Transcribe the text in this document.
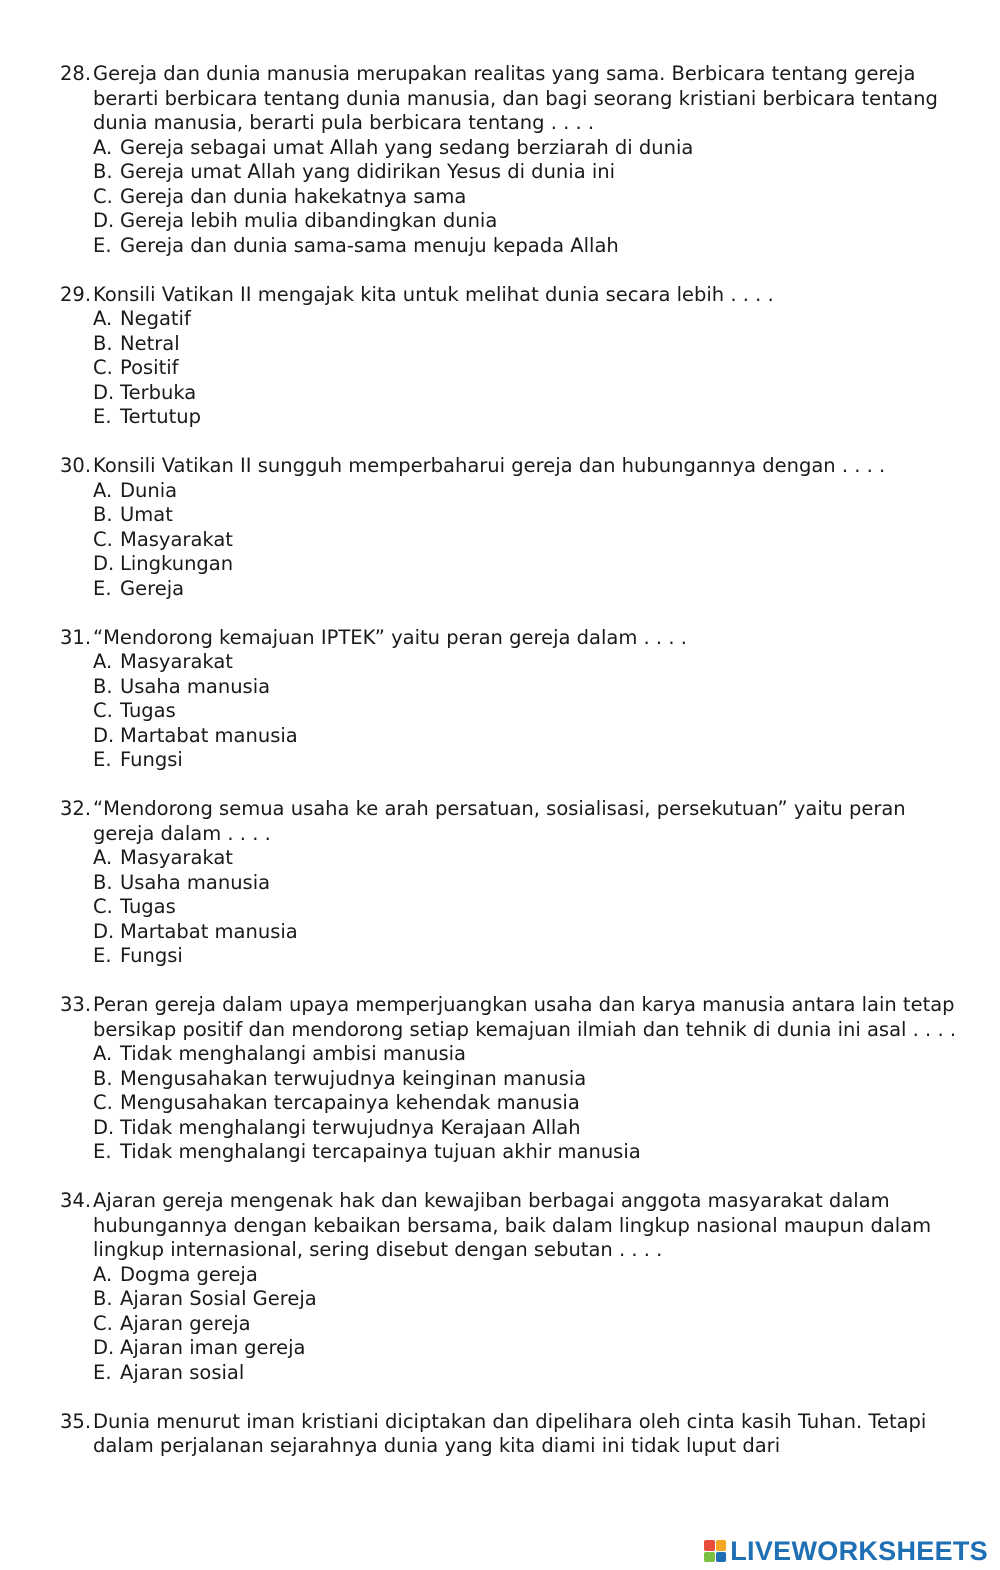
28. Gereja dan dunia manusia merupakan realitas yang sama. Berbicara tentang gereja berarti berbicara tentang dunia manusia, dan bagi seorang kristiani berbicara tentang dunia manusia, berarti pula berbicara tentang . . . .
A. Gereja sebagai umat Allah yang sedang berziarah di dunia
B. Gereja umat Allah yang didirikan Yesus di dunia ini
C. Gereja dan dunia hakekatnya sama
D. Gereja lebih mulia dibandingkan dunia
E. Gereja dan dunia sama-sama menuju kepada Allah
29. Konsili Vatikan II mengajak kita untuk melihat dunia secara lebih . . . .
A. Negatif
B. Netral
C. Positif
D. Terbuka
E. Tertutup
30. Konsili Vatikan II sungguh memperbaharui gereja dan hubungannya dengan . . . .
A. Dunia
B. Umat
C. Masyarakat
D. Lingkungan
E. Gereja
31. “Mendorong kemajuan IPTEK” yaitu peran gereja dalam . . . .
A. Masyarakat
B. Usaha manusia
C. Tugas
D. Martabat manusia
E. Fungsi
32. “Mendorong semua usaha ke arah persatuan, sosialisasi, persekutuan” yaitu peran gereja dalam . . . .
A. Masyarakat
B. Usaha manusia
C. Tugas
D. Martabat manusia
E. Fungsi
33. Peran gereja dalam upaya memperjuangkan usaha dan karya manusia antara lain tetap bersikap positif dan mendorong setiap kemajuan ilmiah dan tehnik di dunia ini asal . . . .
A. Tidak menghalangi ambisi manusia
B. Mengusahakan terwujudnya keinginan manusia
C. Mengusahakan tercapainya kehendak manusia
D. Tidak menghalangi terwujudnya Kerajaan Allah
E. Tidak menghalangi tercapainya tujuan akhir manusia
34. Ajaran gereja mengenak hak dan kewajiban berbagai anggota masyarakat dalam hubungannya dengan kebaikan bersama, baik dalam lingkup nasional maupun dalam lingkup internasional, sering disebut dengan sebutan . . . .
A. Dogma gereja
B. Ajaran Sosial Gereja
C. Ajaran gereja
D. Ajaran iman gereja
E. Ajaran sosial
35. Dunia menurut iman kristiani diciptakan dan dipelihara oleh cinta kasih Tuhan. Tetapi dalam perjalanan sejarahnya dunia yang kita diami ini tidak luput dari
LIVEWORKSHEETS
